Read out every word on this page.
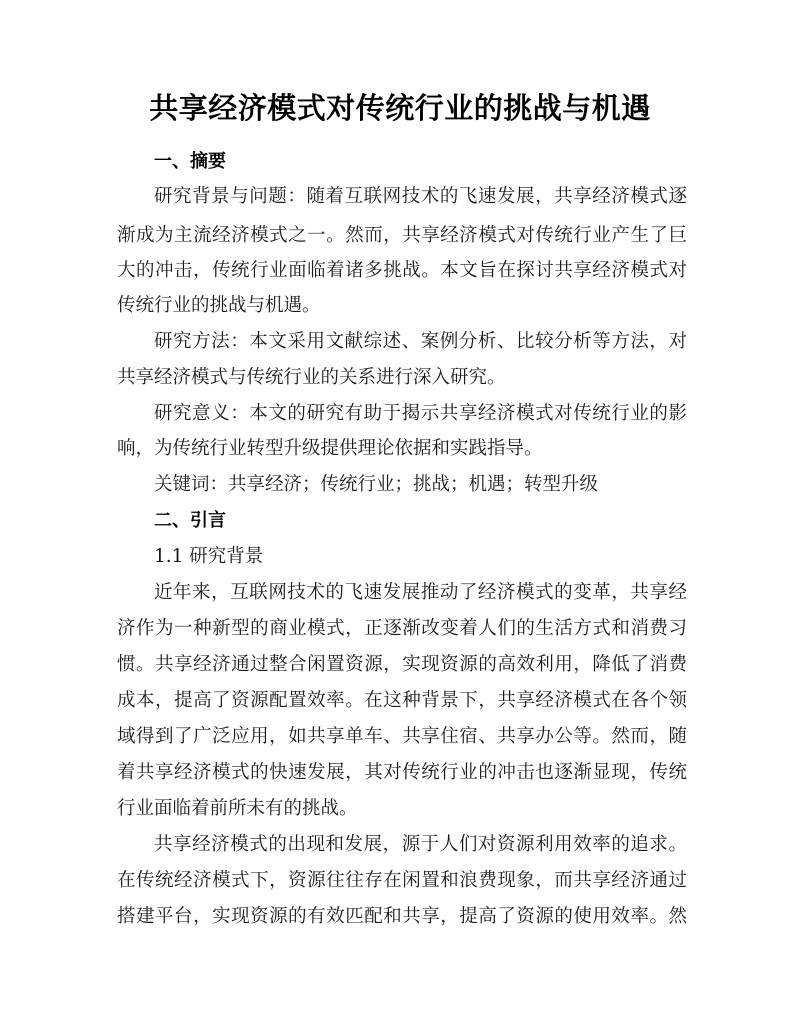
共享经济模式对传统行业的挑战与机遇
一、摘要
研究背景与问题：随着互联网技术的飞速发展，共享经济模式逐
渐成为主流经济模式之一。然而，共享经济模式对传统行业产生了巨
大的冲击，传统行业面临着诸多挑战。本文旨在探讨共享经济模式对
传统行业的挑战与机遇。
研究方法：本文采用文献综述、案例分析、比较分析等方法，对
共享经济模式与传统行业的关系进行深入研究。
研究意义：本文的研究有助于揭示共享经济模式对传统行业的影
响，为传统行业转型升级提供理论依据和实践指导。
关键词：共享经济；传统行业；挑战；机遇；转型升级
二、引言
1.1 研究背景
近年来，互联网技术的飞速发展推动了经济模式的变革，共享经
济作为一种新型的商业模式，正逐渐改变着人们的生活方式和消费习
惯。共享经济通过整合闲置资源，实现资源的高效利用，降低了消费
成本，提高了资源配置效率。在这种背景下，共享经济模式在各个领
域得到了广泛应用，如共享单车、共享住宿、共享办公等。然而，随
着共享经济模式的快速发展，其对传统行业的冲击也逐渐显现，传统
行业面临着前所未有的挑战。
共享经济模式的出现和发展，源于人们对资源利用效率的追求。
在传统经济模式下，资源往往存在闲置和浪费现象，而共享经济通过
搭建平台，实现资源的有效匹配和共享，提高了资源的使用效率。然
